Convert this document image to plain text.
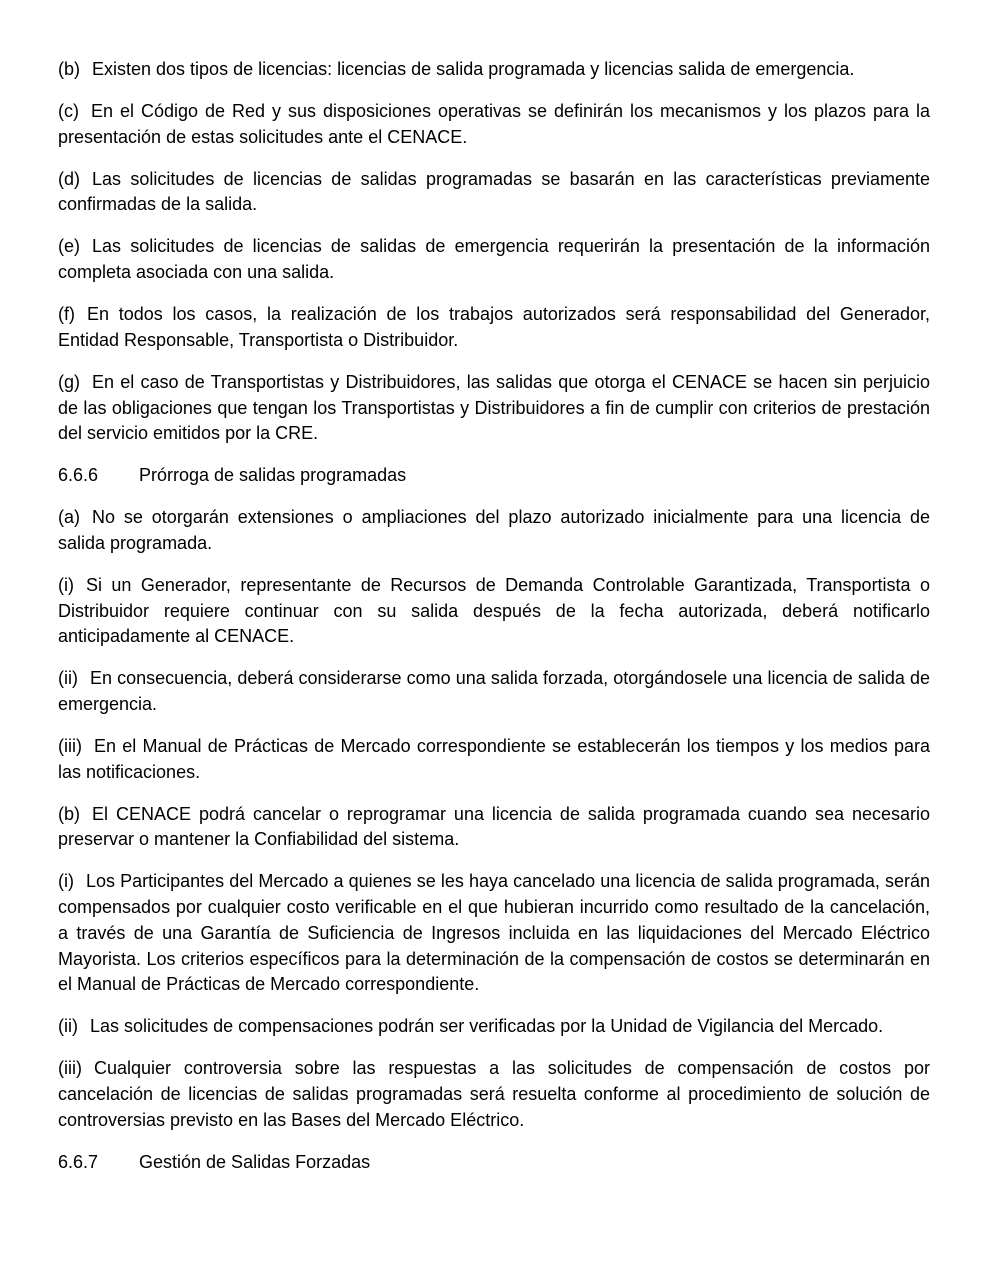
(b) Existen dos tipos de licencias: licencias de salida programada y licencias salida de emergencia.

(c) En el Código de Red y sus disposiciones operativas se definirán los mecanismos y los plazos para la presentación de estas solicitudes ante el CENACE.

(d) Las solicitudes de licencias de salidas programadas se basarán en las características previamente confirmadas de la salida.

(e) Las solicitudes de licencias de salidas de emergencia requerirán la presentación de la información completa asociada con una salida.

(f) En todos los casos, la realización de los trabajos autorizados será responsabilidad del Generador, Entidad Responsable, Transportista o Distribuidor.

(g) En el caso de Transportistas y Distribuidores, las salidas que otorga el CENACE se hacen sin perjuicio de las obligaciones que tengan los Transportistas y Distribuidores a fin de cumplir con criterios de prestación del servicio emitidos por la CRE.

6.6.6 Prórroga de salidas programadas

(a) No se otorgarán extensiones o ampliaciones del plazo autorizado inicialmente para una licencia de salida programada.

(i) Si un Generador, representante de Recursos de Demanda Controlable Garantizada, Transportista o Distribuidor requiere continuar con su salida después de la fecha autorizada, deberá notificarlo anticipadamente al CENACE.

(ii) En consecuencia, deberá considerarse como una salida forzada, otorgándosele una licencia de salida de emergencia.

(iii) En el Manual de Prácticas de Mercado correspondiente se establecerán los tiempos y los medios para las notificaciones.

(b) El CENACE podrá cancelar o reprogramar una licencia de salida programada cuando sea necesario preservar o mantener la Confiabilidad del sistema.

(i) Los Participantes del Mercado a quienes se les haya cancelado una licencia de salida programada, serán compensados por cualquier costo verificable en el que hubieran incurrido como resultado de la cancelación, a través de una Garantía de Suficiencia de Ingresos incluida en las liquidaciones del Mercado Eléctrico Mayorista. Los criterios específicos para la determinación de la compensación de costos se determinarán en el Manual de Prácticas de Mercado correspondiente.

(ii) Las solicitudes de compensaciones podrán ser verificadas por la Unidad de Vigilancia del Mercado.

(iii) Cualquier controversia sobre las respuestas a las solicitudes de compensación de costos por cancelación de licencias de salidas programadas será resuelta conforme al procedimiento de solución de controversias previsto en las Bases del Mercado Eléctrico.

6.6.7 Gestión de Salidas Forzadas
